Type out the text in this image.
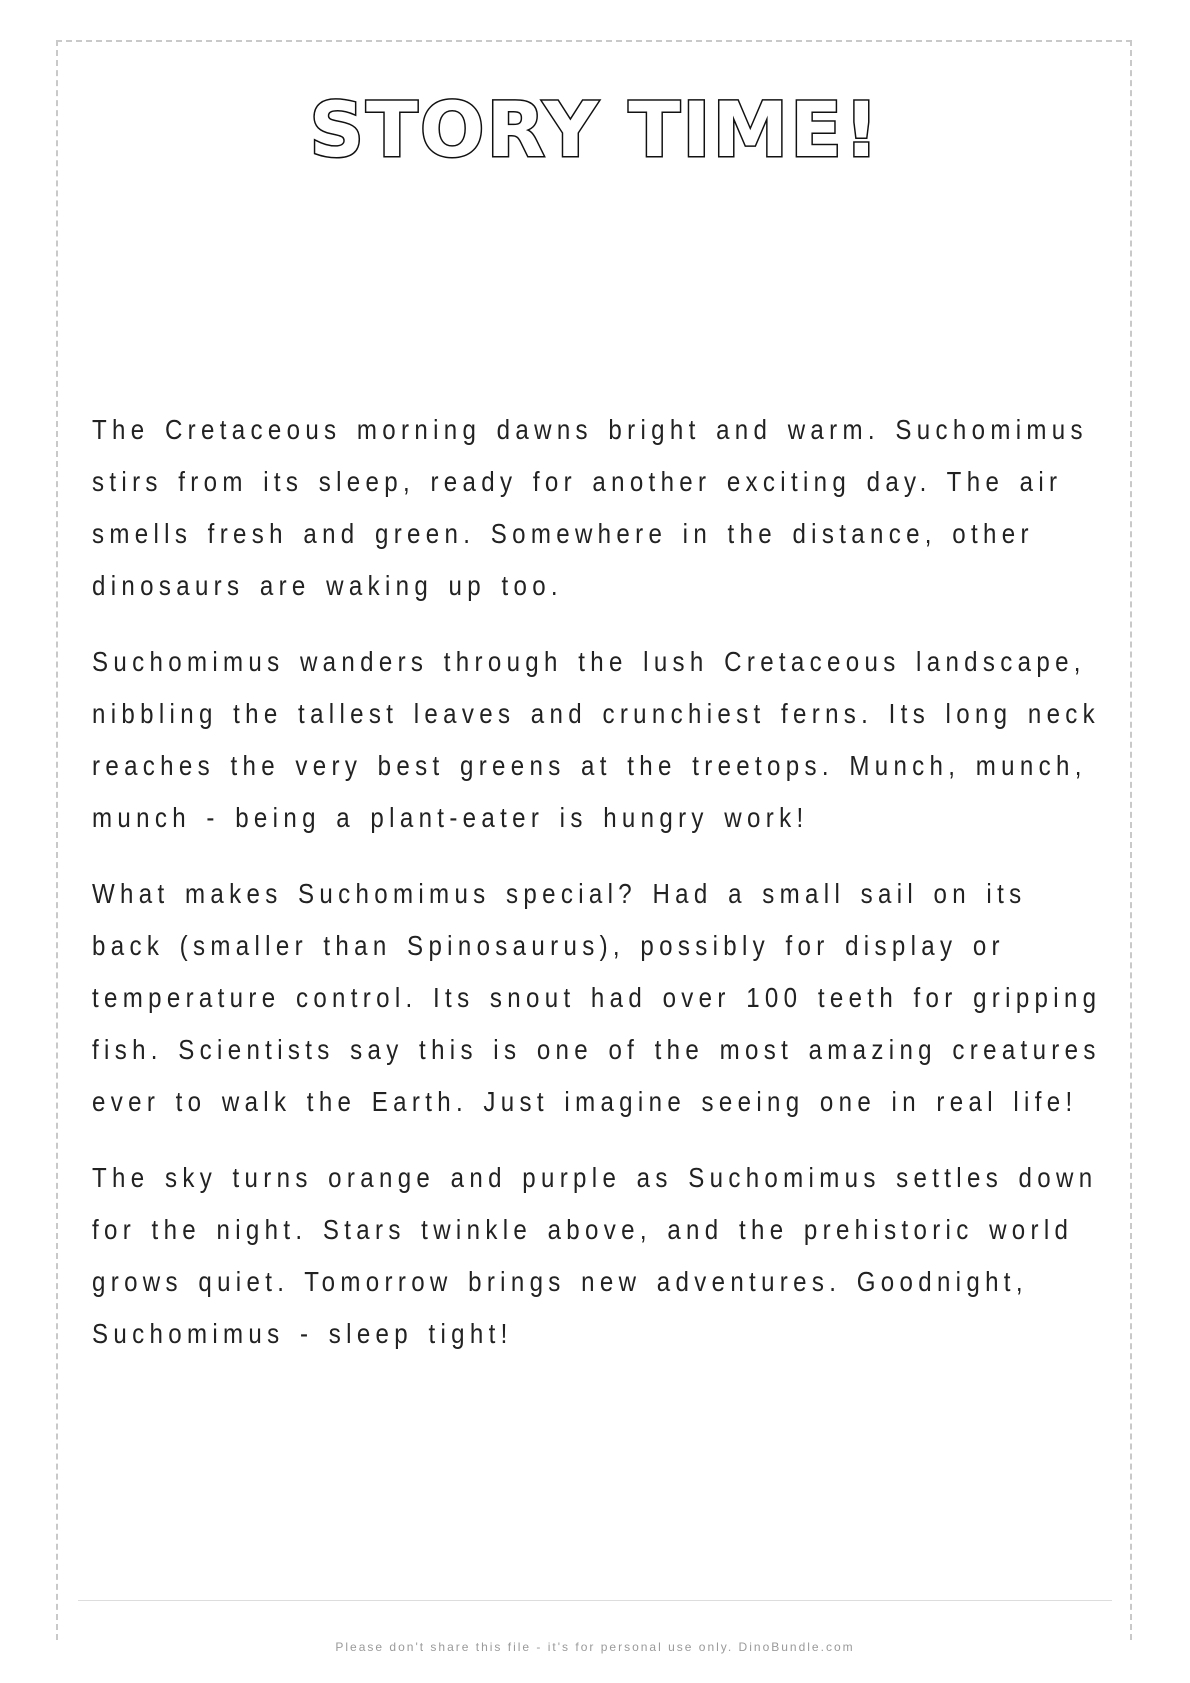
STORY TIME!

The Cretaceous morning dawns bright and warm. Suchomimus stirs from its sleep, ready for another exciting day. The air smells fresh and green. Somewhere in the distance, other dinosaurs are waking up too.

Suchomimus wanders through the lush Cretaceous landscape, nibbling the tallest leaves and crunchiest ferns. Its long neck reaches the very best greens at the treetops. Munch, munch, munch - being a plant-eater is hungry work!

What makes Suchomimus special? Had a small sail on its back (smaller than Spinosaurus), possibly for display or temperature control. Its snout had over 100 teeth for gripping fish. Scientists say this is one of the most amazing creatures ever to walk the Earth. Just imagine seeing one in real life!

The sky turns orange and purple as Suchomimus settles down for the night. Stars twinkle above, and the prehistoric world grows quiet. Tomorrow brings new adventures. Goodnight, Suchomimus - sleep tight!

Please don't share this file - it's for personal use only. DinoBundle.com
